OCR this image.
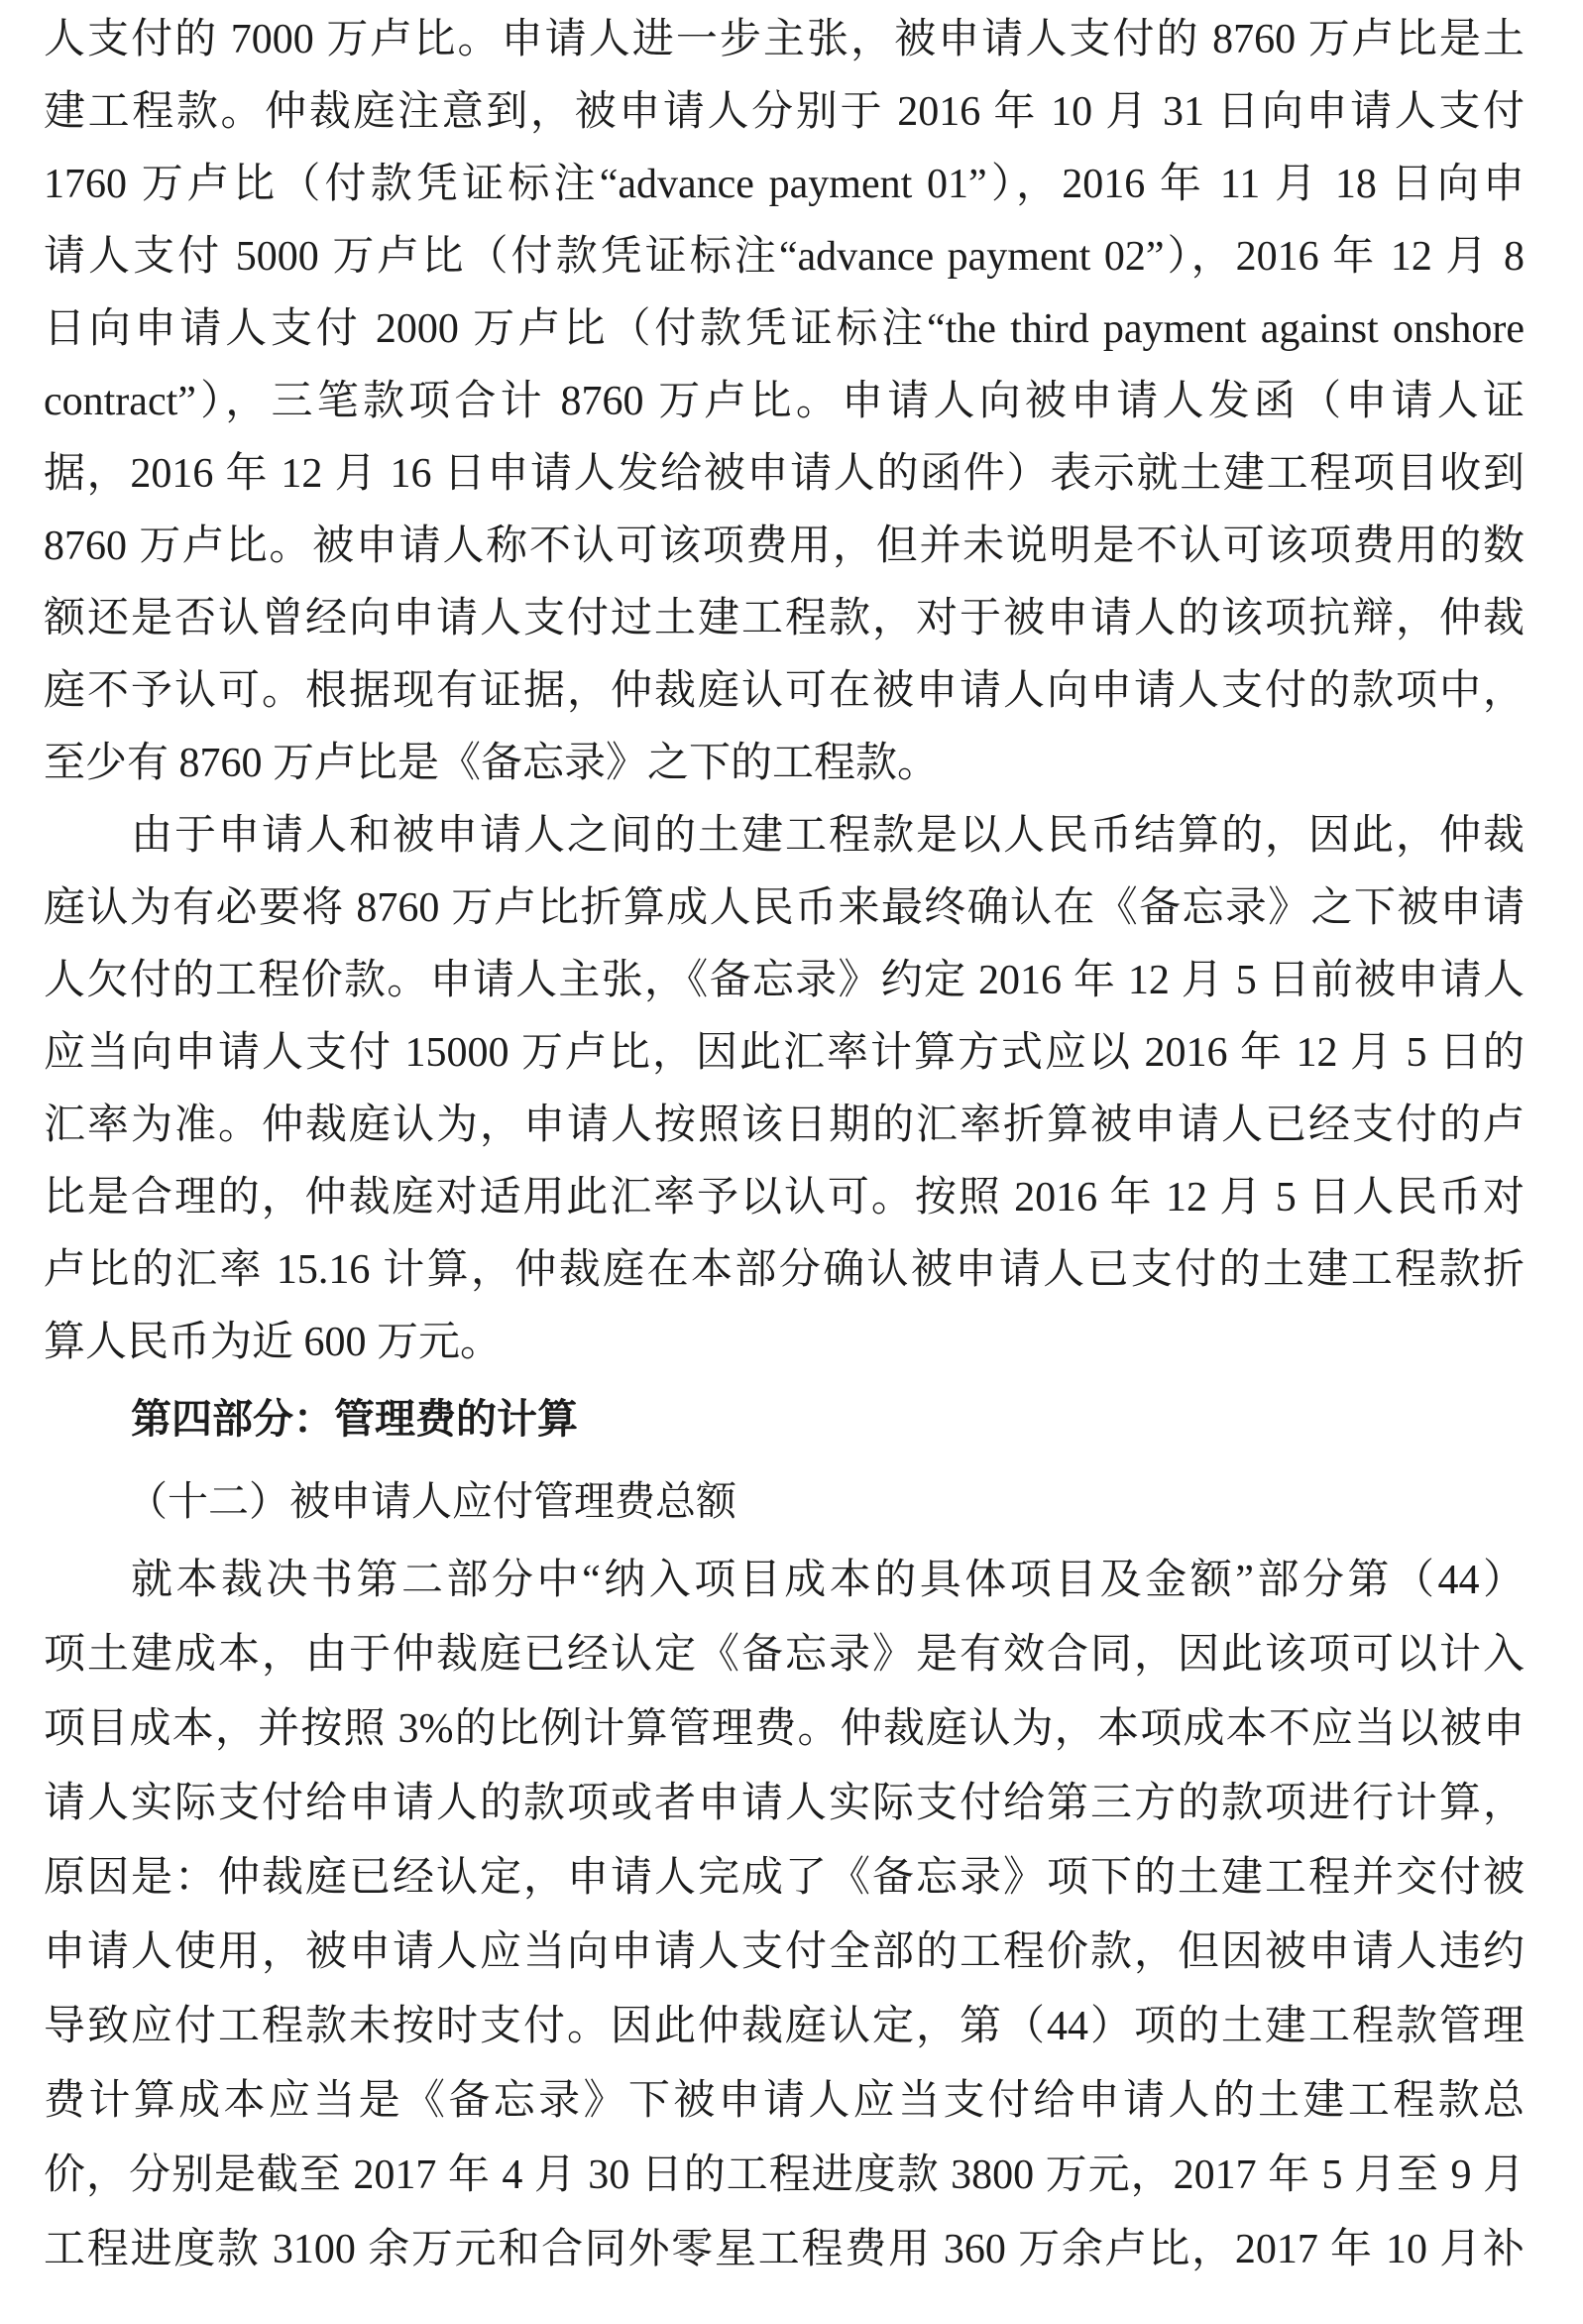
人支付的 7000 万卢比。申请人进一步主张，被申请人支付的 8760 万卢比是土
建工程款。仲裁庭注意到，被申请人分别于 2016 年 10 月 31 日向申请人支付
1760 万卢比（付款凭证标注“advance payment 01”），2016 年 11 月 18 日向申
请人支付 5000 万卢比（付款凭证标注“advance payment 02”），2016 年 12 月 8
日向申请人支付 2000 万卢比（付款凭证标注“the third payment against onshore
contract”），三笔款项合计 8760 万卢比。申请人向被申请人发函（申请人证
据，2016 年 12 月 16 日申请人发给被申请人的函件）表示就土建工程项目收到
8760 万卢比。被申请人称不认可该项费用，但并未说明是不认可该项费用的数
额还是否认曾经向申请人支付过土建工程款，对于被申请人的该项抗辩，仲裁
庭不予认可。根据现有证据，仲裁庭认可在被申请人向申请人支付的款项中，
至少有 8760 万卢比是《备忘录》之下的工程款。
由于申请人和被申请人之间的土建工程款是以人民币结算的，因此，仲裁
庭认为有必要将 8760 万卢比折算成人民币来最终确认在《备忘录》之下被申请
人欠付的工程价款。申请人主张，《备忘录》约定 2016 年 12 月 5 日前被申请人
应当向申请人支付 15000 万卢比，因此汇率计算方式应以 2016 年 12 月 5 日的
汇率为准。仲裁庭认为，申请人按照该日期的汇率折算被申请人已经支付的卢
比是合理的，仲裁庭对适用此汇率予以认可。按照 2016 年 12 月 5 日人民币对
卢比的汇率 15.16 计算，仲裁庭在本部分确认被申请人已支付的土建工程款折
算人民币为近 600 万元。
第四部分：管理费的计算
（十二）被申请人应付管理费总额
就本裁决书第二部分中“纳入项目成本的具体项目及金额”部分第（44）
项土建成本，由于仲裁庭已经认定《备忘录》是有效合同，因此该项可以计入
项目成本，并按照 3%的比例计算管理费。仲裁庭认为，本项成本不应当以被申
请人实际支付给申请人的款项或者申请人实际支付给第三方的款项进行计算，
原因是：仲裁庭已经认定，申请人完成了《备忘录》项下的土建工程并交付被
申请人使用，被申请人应当向申请人支付全部的工程价款，但因被申请人违约
导致应付工程款未按时支付。因此仲裁庭认定，第（44）项的土建工程款管理
费计算成本应当是《备忘录》下被申请人应当支付给申请人的土建工程款总
价，分别是截至 2017 年 4 月 30 日的工程进度款 3800 万元，2017 年 5 月至 9 月
工程进度款 3100 余万元和合同外零星工程费用 360 万余卢比，2017 年 10 月补
